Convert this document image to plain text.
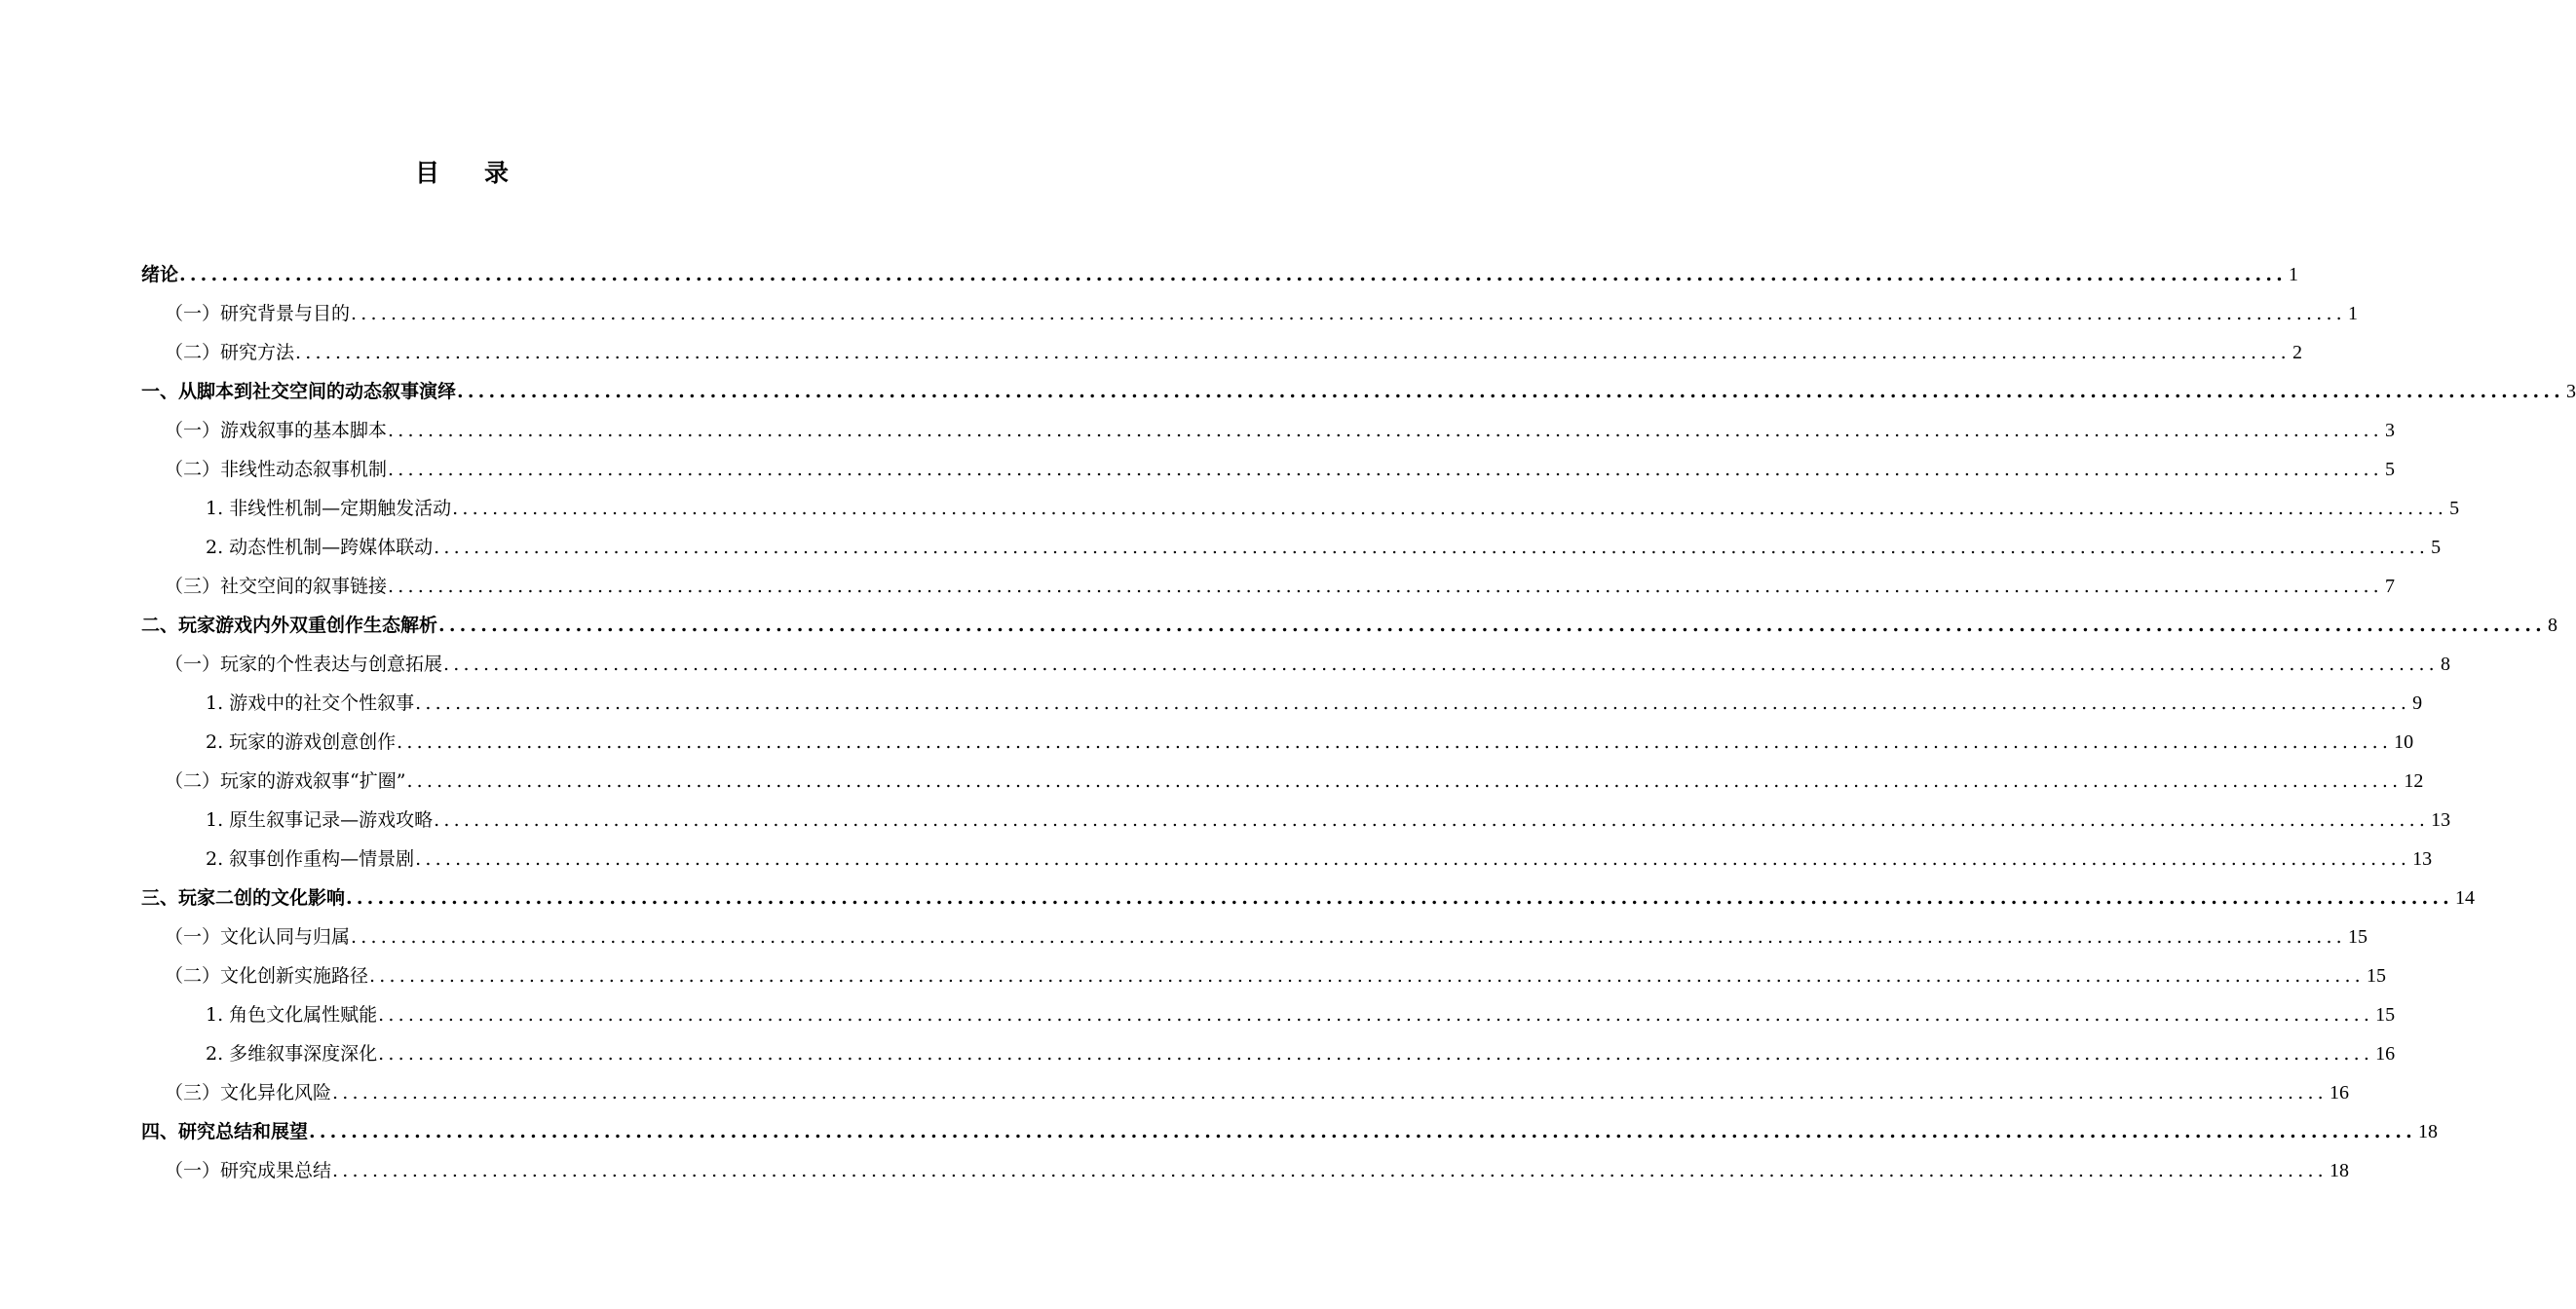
目 录
绪论 ........................................................................................................................................................................................................ 1
（一）研究背景与目的 ........................................................................................................................................................................................................ 1
（二）研究方法 ........................................................................................................................................................................................................ 2
一、从脚本到社交空间的动态叙事演绎 ........................................................................................................................................................................................................ 3
（一）游戏叙事的基本脚本 ........................................................................................................................................................................................................ 3
（二）非线性动态叙事机制 ........................................................................................................................................................................................................ 5
1. 非线性机制—定期触发活动 ........................................................................................................................................................................................................ 5
2. 动态性机制—跨媒体联动 ........................................................................................................................................................................................................ 5
（三）社交空间的叙事链接 ........................................................................................................................................................................................................ 7
二、玩家游戏内外双重创作生态解析 ........................................................................................................................................................................................................ 8
（一）玩家的个性表达与创意拓展 ........................................................................................................................................................................................................ 8
1. 游戏中的社交个性叙事 ........................................................................................................................................................................................................ 9
2. 玩家的游戏创意创作 ........................................................................................................................................................................................................ 10
（二）玩家的游戏叙事“扩圈” ........................................................................................................................................................................................................ 12
1. 原生叙事记录—游戏攻略 ........................................................................................................................................................................................................ 13
2. 叙事创作重构—情景剧 ........................................................................................................................................................................................................ 13
三、玩家二创的文化影响 ........................................................................................................................................................................................................ 14
（一）文化认同与归属 ........................................................................................................................................................................................................ 15
（二）文化创新实施路径 ........................................................................................................................................................................................................ 15
1. 角色文化属性赋能 ........................................................................................................................................................................................................ 15
2. 多维叙事深度深化 ........................................................................................................................................................................................................ 16
（三）文化异化风险 ........................................................................................................................................................................................................ 16
四、研究总结和展望 ........................................................................................................................................................................................................ 18
（一）研究成果总结 ........................................................................................................................................................................................................ 18
